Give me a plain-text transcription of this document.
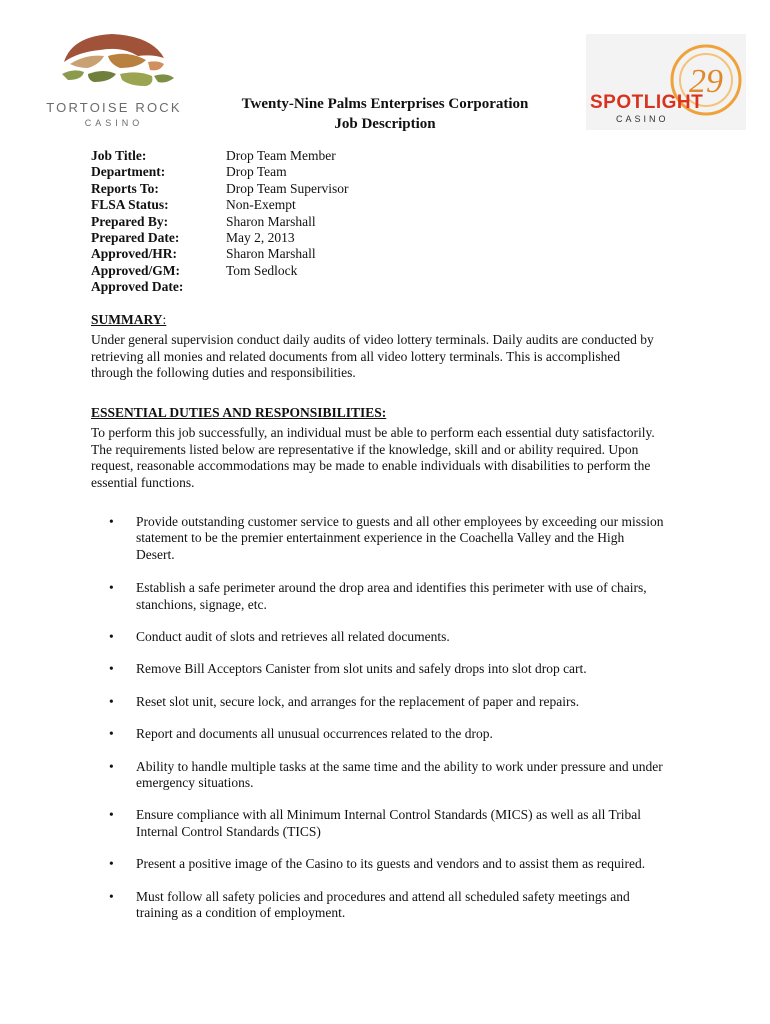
TORTOISE ROCK
CASINO
29
SPOTLIGHT
CASINO
Twenty-Nine Palms Enterprises Corporation
Job Description
Job Title:	Drop Team Member
Department:	Drop Team
Reports To:	Drop Team Supervisor
FLSA Status:	Non-Exempt
Prepared By:	Sharon Marshall
Prepared Date:	May 2, 2013
Approved/HR:	Sharon Marshall
Approved/GM:	Tom Sedlock
Approved Date:
SUMMARY:
Under general supervision conduct daily audits of video lottery terminals. Daily audits are conducted by
retrieving all monies and related documents from all video lottery terminals. This is accomplished
through the following duties and responsibilities.
ESSENTIAL DUTIES AND RESPONSIBILITIES:
To perform this job successfully, an individual must be able to perform each essential duty satisfactorily.
The requirements listed below are representative if the knowledge, skill and or ability required. Upon
request, reasonable accommodations may be made to enable individuals with disabilities to perform the
essential functions.
• Provide outstanding customer service to guests and all other employees by exceeding our mission
statement to be the premier entertainment experience in the Coachella Valley and the High
Desert.
• Establish a safe perimeter around the drop area and identifies this perimeter with use of chairs,
stanchions, signage, etc.
• Conduct audit of slots and retrieves all related documents.
• Remove Bill Acceptors Canister from slot units and safely drops into slot drop cart.
• Reset slot unit, secure lock, and arranges for the replacement of paper and repairs.
• Report and documents all unusual occurrences related to the drop.
• Ability to handle multiple tasks at the same time and the ability to work under pressure and under
emergency situations.
• Ensure compliance with all Minimum Internal Control Standards (MICS) as well as all Tribal
Internal Control Standards (TICS)
• Present a positive image of the Casino to its guests and vendors and to assist them as required.
• Must follow all safety policies and procedures and attend all scheduled safety meetings and
training as a condition of employment.
